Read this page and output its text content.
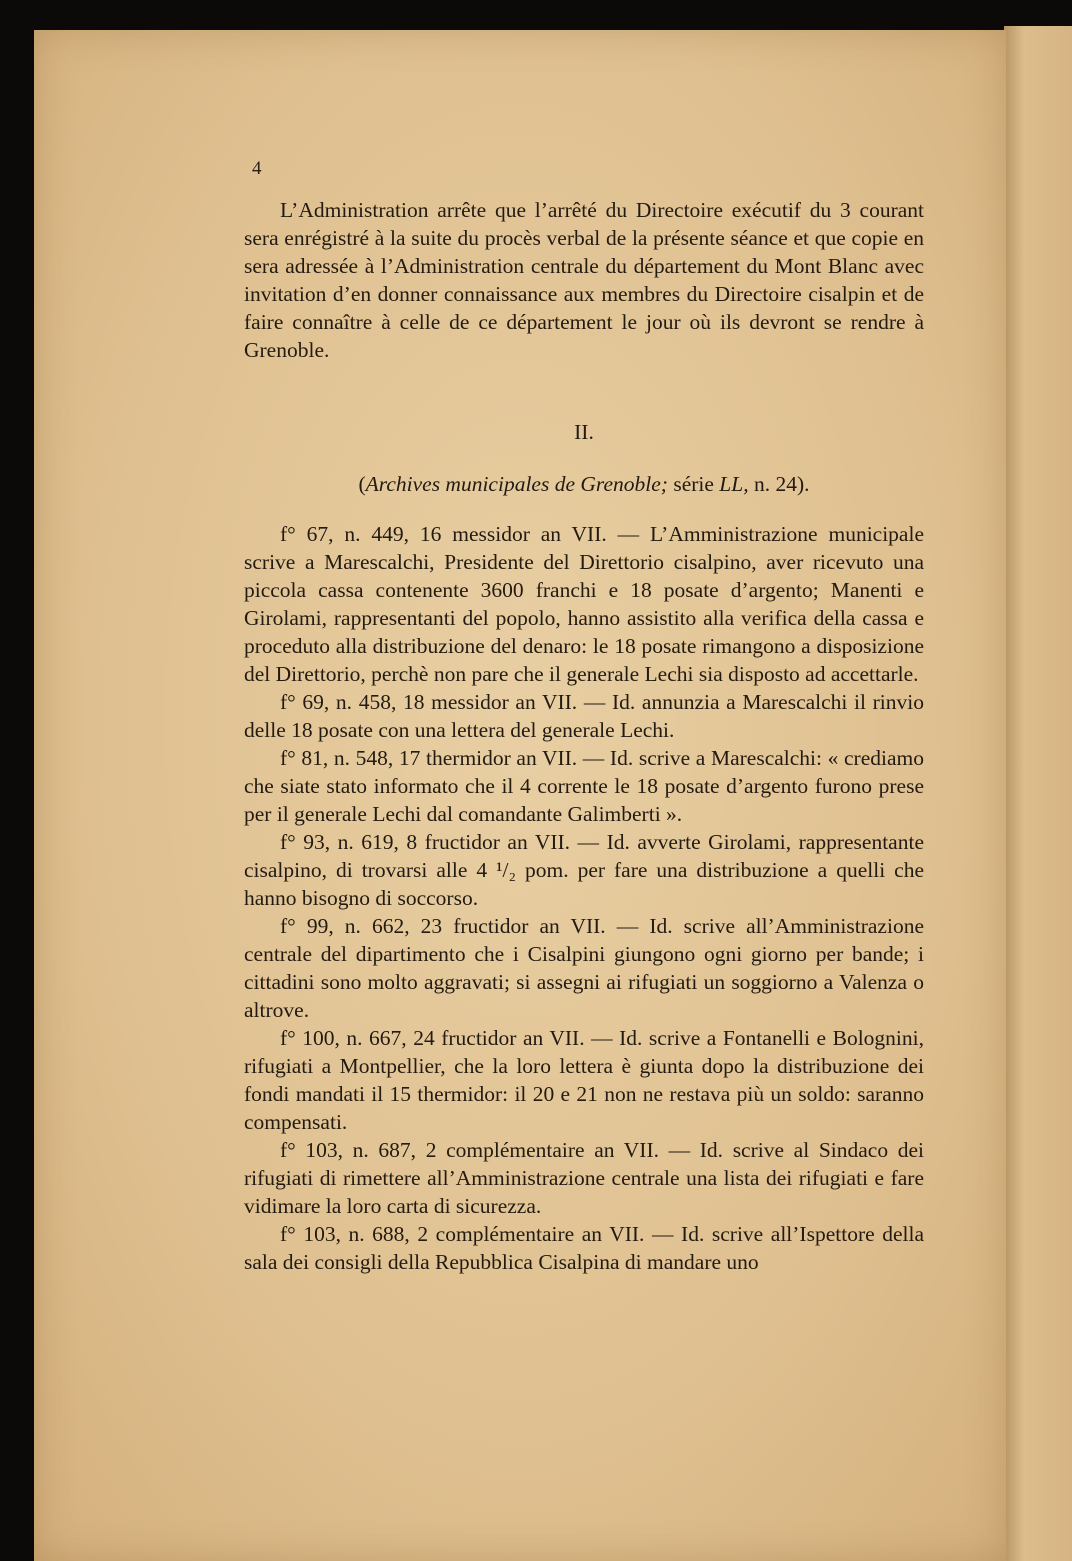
4

L’Administration arrête que l’arrêté du Directoire exécutif du 3 courant sera enrégistré à la suite du procès verbal de la présente séance et que copie en sera adressée à l’Administration centrale du département du Mont Blanc avec invitation d’en donner connaissance aux membres du Directoire cisalpin et de faire connaître à celle de ce département le jour où ils devront se rendre à Grenoble.

II.

(Archives municipales de Grenoble; série LL, n. 24).

f° 67, n. 449, 16 messidor an VII. — L’Amministrazione municipale scrive a Marescalchi, Presidente del Direttorio cisalpino, aver ricevuto una piccola cassa contenente 3600 franchi e 18 posate d’argento; Manenti e Girolami, rappresentanti del popolo, hanno assistito alla verifica della cassa e proceduto alla distribuzione del denaro: le 18 posate rimangono a disposizione del Direttorio, perchè non pare che il generale Lechi sia disposto ad accettarle.

f° 69, n. 458, 18 messidor an VII. — Id. annunzia a Marescalchi il rinvio delle 18 posate con una lettera del generale Lechi.

f° 81, n. 548, 17 thermidor an VII. — Id. scrive a Marescalchi: « crediamo che siate stato informato che il 4 corrente le 18 posate d’argento furono prese per il generale Lechi dal comandante Galimberti ».

f° 93, n. 619, 8 fructidor an VII. — Id. avverte Girolami, rappresentante cisalpino, di trovarsi alle 4 ¹/₂ pom. per fare una distribuzione a quelli che hanno bisogno di soccorso.

f° 99, n. 662, 23 fructidor an VII. — Id. scrive all’Amministrazione centrale del dipartimento che i Cisalpini giungono ogni giorno per bande; i cittadini sono molto aggravati; si assegni ai rifugiati un soggiorno a Valenza o altrove.

f° 100, n. 667, 24 fructidor an VII. — Id. scrive a Fontanelli e Bolognini, rifugiati a Montpellier, che la loro lettera è giunta dopo la distribuzione dei fondi mandati il 15 thermidor: il 20 e 21 non ne restava più un soldo: saranno compensati.

f° 103, n. 687, 2 complémentaire an VII. — Id. scrive al Sindaco dei rifugiati di rimettere all’Amministrazione centrale una lista dei rifugiati e fare vidimare la loro carta di sicurezza.

f° 103, n. 688, 2 complémentaire an VII. — Id. scrive all’Ispettore della sala dei consigli della Repubblica Cisalpina di mandare uno
